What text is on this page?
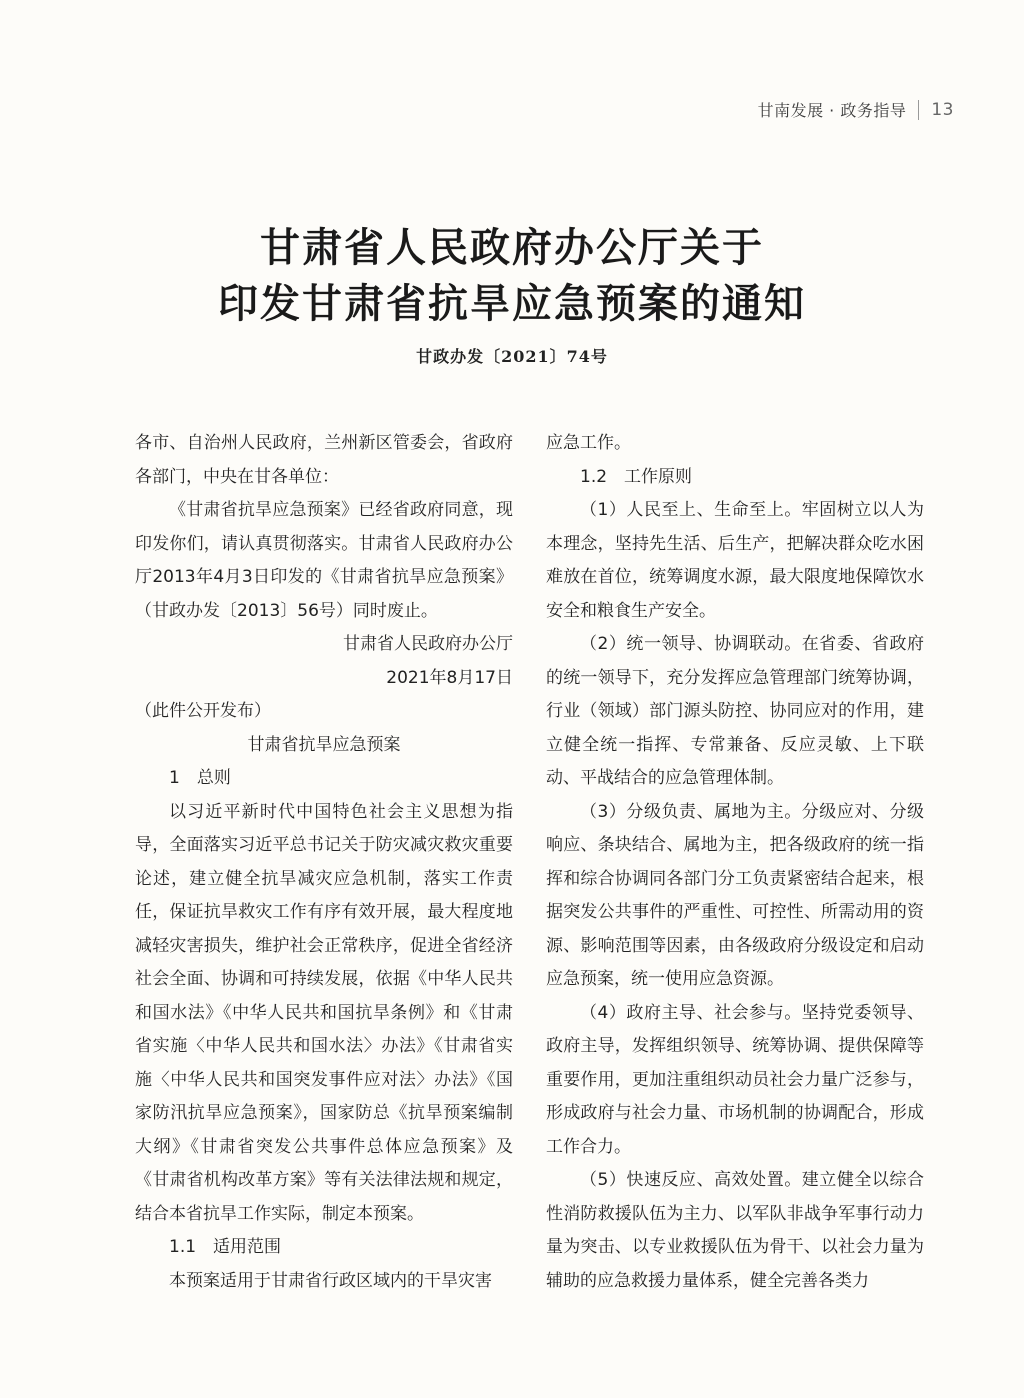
甘南发展 · 政务指导 13
甘肃省人民政府办公厅关于
印发甘肃省抗旱应急预案的通知
甘政办发〔2021〕74号

各市、自治州人民政府，兰州新区管委会，省政府各部门，中央在甘各单位：

《甘肃省抗旱应急预案》已经省政府同意，现印发你们，请认真贯彻落实。甘肃省人民政府办公厅2013年4月3日印发的《甘肃省抗旱应急预案》（甘政办发〔2013〕56号）同时废止。

甘肃省人民政府办公厅

2021年8月17日

（此件公开发布）

甘肃省抗旱应急预案

1　总则

以习近平新时代中国特色社会主义思想为指导，全面落实习近平总书记关于防灾减灾救灾重要论述，建立健全抗旱减灾应急机制，落实工作责任，保证抗旱救灾工作有序有效开展，最大程度地减轻灾害损失，维护社会正常秩序，促进全省经济社会全面、协调和可持续发展，依据《中华人民共和国水法》《中华人民共和国抗旱条例》和《甘肃省实施〈中华人民共和国水法〉办法》《甘肃省实施〈中华人民共和国突发事件应对法〉办法》《国家防汛抗旱应急预案》，国家防总《抗旱预案编制大纲》《甘肃省突发公共事件总体应急预案》及《甘肃省机构改革方案》等有关法律法规和规定，结合本省抗旱工作实际，制定本预案。

1.1　适用范围

本预案适用于甘肃省行政区域内的干旱灾害

应急工作。

1.2　工作原则

（1）人民至上、生命至上。牢固树立以人为本理念，坚持先生活、后生产，把解决群众吃水困难放在首位，统筹调度水源，最大限度地保障饮水安全和粮食生产安全。

（2）统一领导、协调联动。在省委、省政府的统一领导下，充分发挥应急管理部门统筹协调，行业（领域）部门源头防控、协同应对的作用，建立健全统一指挥、专常兼备、反应灵敏、上下联动、平战结合的应急管理体制。

（3）分级负责、属地为主。分级应对、分级响应、条块结合、属地为主，把各级政府的统一指挥和综合协调同各部门分工负责紧密结合起来，根据突发公共事件的严重性、可控性、所需动用的资源、影响范围等因素，由各级政府分级设定和启动应急预案，统一使用应急资源。

（4）政府主导、社会参与。坚持党委领导、政府主导，发挥组织领导、统筹协调、提供保障等重要作用，更加注重组织动员社会力量广泛参与，形成政府与社会力量、市场机制的协调配合，形成工作合力。

（5）快速反应、高效处置。建立健全以综合性消防救援队伍为主力、以军队非战争军事行动力量为突击、以专业救援队伍为骨干、以社会力量为辅助的应急救援力量体系，健全完善各类力
